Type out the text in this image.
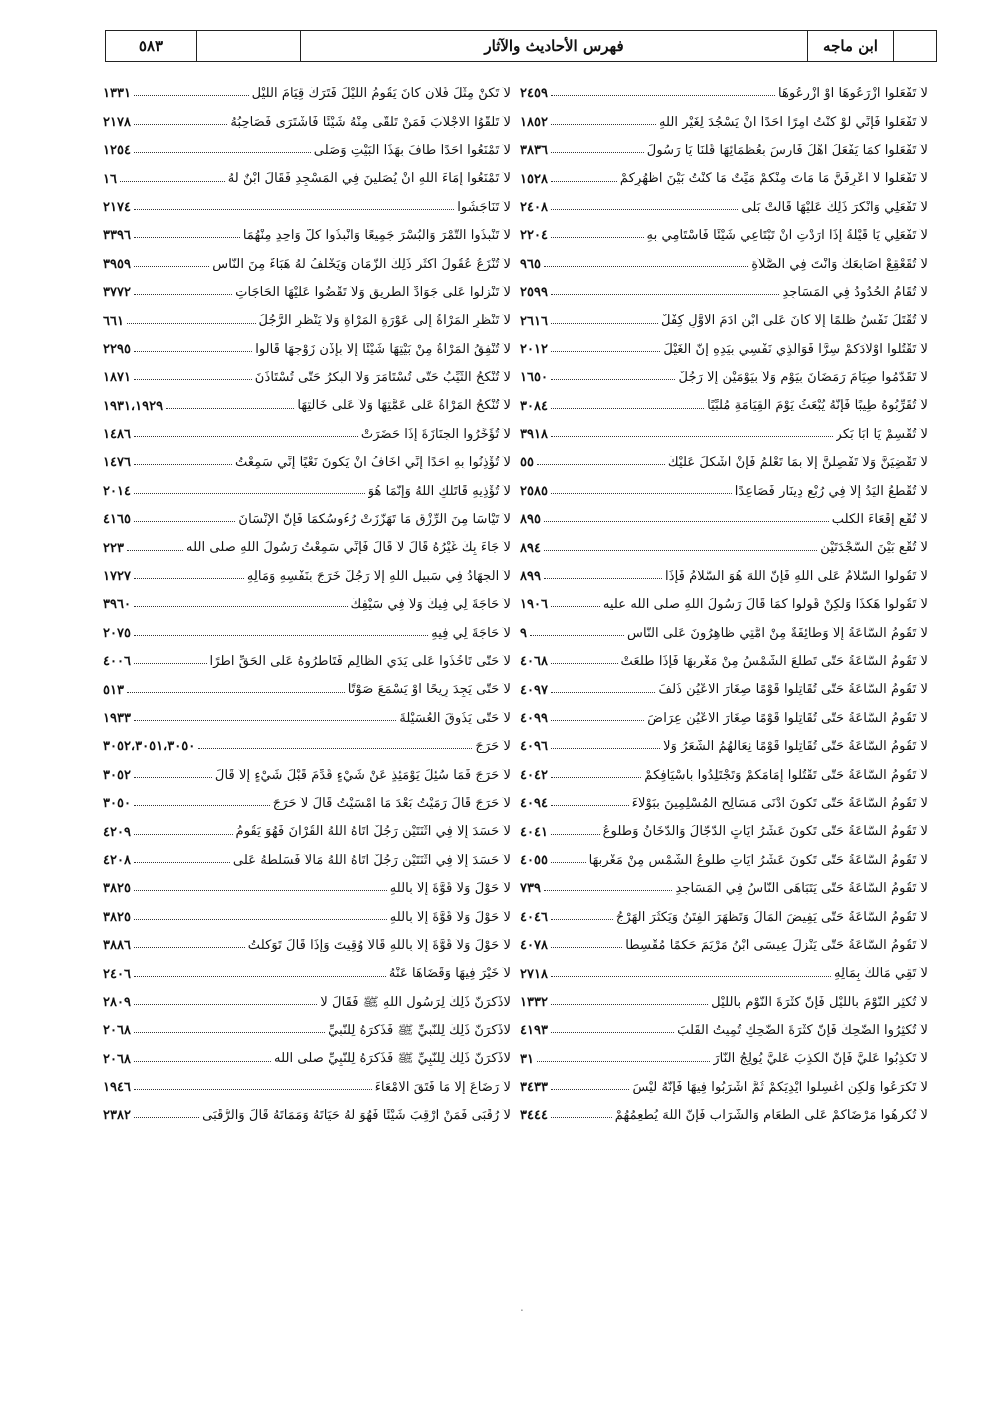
٥٨٣	فهرس الأحاديث والآثار	ابن ماجه
لاَ تَفْعَلُوا ازْرَعُوهَا أَوْ أَزْرِعُوهَا
٢٤٥٩
لاَ تَفْعَلُوا فَإِنِّي لَوْ كُنْتُ آمِرًا أَحَدًا أَنْ يَسْجُدَ لِغَيْرِ اللهِ
١٨٥٢
لاَ تَفْعَلُوا كَمَا يَفْعَلُ أَهْلُ فَارِسَ بِعُظَمَائِهَا قُلْنَا يَا رَسُولَ
٣٨٣٦
لاَ تَفْعَلُوا لاَ أَعْرِفَنَّ مَا مَاتَ مِنْكُمْ مَيِّتٌ مَا كُنْتُ بَيْنَ أَظْهُرِكُمْ
١٥٢٨
لاَ تَفْعَلِي وَأَنْكَرَ ذَلِكَ عَلَيْهَا قَالَتْ بَلَى
٢٤٠٨
لاَ تَفْعَلِي يَا قَيْلَةُ إِذَا أَرَدْتِ أَنْ تَبْتَاعِي شَيْئًا فَاسْتَامِي بِهِ
٢٢٠٤
لاَ تُقَعْقِعْ أَصَابِعَكَ وَأَنْتَ فِي الصَّلاَةِ
٩٦٥
لاَ تُقَامُ الْحُدُودُ فِي الْمَسَاجِدِ
٢٥٩٩
لاَ تُقْتَلُ نَفْسٌ ظُلْمًا إِلاَّ كَانَ عَلَى ابْنِ آدَمَ الأَوَّلِ كِفْلٌ
٢٦١٦
لاَ تَقْتُلُوا أَوْلاَدَكُمْ سِرًّا فَوَالَّذِي نَفْسِي بِيَدِهِ إِنَّ الْغَيْلَ
٢٠١٢
لاَ تَقَدَّمُوا صِيَامَ رَمَضَانَ بِيَوْمٍ وَلاَ بِيَوْمَيْنِ إِلاَّ رَجُلٌ
١٦٥٠
لاَ تُقَرِّبُوهُ طِيبًا فَإِنَّهُ يُبْعَثُ يَوْمَ الْقِيَامَةِ مُلَبِّيًا
٣٠٨٤
لاَ تُقْسِمْ يَا أَبَا بَكْرٍ
٣٩١٨
لاَ تَقْضِيَنَّ وَلاَ تَفْصِلَنَّ إِلاَّ بِمَا تَعْلَمُ فَإِنْ أَشْكَلَ عَلَيْكَ
٥٥
لاَ تُقْطَعُ الْيَدُ إِلاَّ فِي رُبْعِ دِينَارٍ فَصَاعِدًا
٢٥٨٥
لاَ تُقْعِ إِقْعَاءَ الْكَلْبِ
٨٩٥
لاَ تُقْعِ بَيْنَ السَّجْدَتَيْنِ
٨٩٤
لاَ تَقُولُوا السَّلاَمُ عَلَى اللهِ فَإِنَّ اللهَ هُوَ السَّلاَمُ فَإِذَا
٨٩٩
لاَ تَقُولُوا هَكَذَا وَلَكِنْ قُولُوا كَمَا قَالَ رَسُولُ اللهِ صلى الله عليه
١٩٠٦
لاَ تَقُومُ السَّاعَةُ إِلاَّ وَطَائِفَةٌ مِنْ أُمَّتِي ظَاهِرُونَ عَلَى النَّاسِ
٩
لاَ تَقُومُ السَّاعَةُ حَتَّى تَطْلُعَ الشَّمْسُ مِنْ مَغْرِبِهَا فَإِذَا طَلَعَتْ
٤٠٦٨
لاَ تَقُومُ السَّاعَةُ حَتَّى تُقَاتِلُوا قَوْمًا صِغَارَ الأَعْيُنِ ذُلْفَ
٤٠٩٧
لاَ تَقُومُ السَّاعَةُ حَتَّى تُقَاتِلُوا قَوْمًا صِغَارَ الأَعْيُنِ عِرَاضَ
٤٠٩٩
لاَ تَقُومُ السَّاعَةُ حَتَّى تُقَاتِلُوا قَوْمًا نِعَالُهُمُ الشَّعَرُ وَلاَ
٤٠٩٦
لاَ تَقُومُ السَّاعَةُ حَتَّى تَقْتُلُوا إِمَامَكُمْ وَتَجْتَلِدُوا بِأَسْيَافِكُمْ
٤٠٤٢
لاَ تَقُومُ السَّاعَةُ حَتَّى تَكُونَ أَدْنَى مَسَالِحِ الْمُسْلِمِينَ بِبَوْلاَءَ
٤٠٩٤
لاَ تَقُومُ السَّاعَةُ حَتَّى تَكُونَ عَشْرُ آيَاتٍ الدَّجَّالُ وَالدُّخَانُ وَطُلُوعُ
٤٠٤١
لاَ تَقُومُ السَّاعَةُ حَتَّى تَكُونَ عَشْرُ آيَاتٍ طُلُوعُ الشَّمْسِ مِنْ مَغْرِبِهَا
٤٠٥٥
لاَ تَقُومُ السَّاعَةُ حَتَّى يَتَبَاهَى النَّاسُ فِي الْمَسَاجِدِ
٧٣٩
لاَ تَقُومُ السَّاعَةُ حَتَّى يَفِيضَ الْمَالُ وَتَظْهَرَ الْفِتَنُ وَيَكْثُرَ الْهَرْجُ
٤٠٤٦
لاَ تَقُومُ السَّاعَةُ حَتَّى يَنْزِلَ عِيسَى ابْنُ مَرْيَمَ حَكَمًا مُقْسِطًا
٤٠٧٨
لاَ تَقِي مَالَكَ بِمَالِهِ
٢٧١٨
لاَ تُكْثِرِ النَّوْمَ بِاللَّيْلِ فَإِنَّ كَثْرَةَ النَّوْمِ بِاللَّيْلِ
١٣٣٢
لاَ تُكْثِرُوا الضَّحِكَ فَإِنَّ كَثْرَةَ الضَّحِكِ تُمِيتُ الْقَلْبَ
٤١٩٣
لاَ تَكْذِبُوا عَلَيَّ فَإِنَّ الْكَذِبَ عَلَيَّ يُولِجُ النَّارَ
٣١
لاَ تَكْرَعُوا وَلَكِنِ اغْسِلُوا أَيْدِيَكُمْ ثُمَّ اشْرَبُوا فِيهَا فَإِنَّهُ لَيْسَ
٣٤٣٣
لاَ تُكْرِهُوا مَرْضَاكُمْ عَلَى الطَّعَامِ وَالشَّرَابِ فَإِنَّ اللهَ يُطْعِمُهُمْ
٣٤٤٤
لاَ تَكُنْ مِثْلَ فُلاَنٍ كَانَ يَقُومُ اللَّيْلَ فَتَرَكَ قِيَامَ اللَّيْلِ
١٣٣١
لاَ تَلَقَّوُا الأَجْلاَبَ فَمَنْ تَلَقَّى مِنْهُ شَيْئًا فَاشْتَرَى فَصَاحِبُهُ
٢١٧٨
لاَ تَمْنَعُوا أَحَدًا طَافَ بِهَذَا الْبَيْتِ وَصَلَّى
١٢٥٤
لاَ تَمْنَعُوا إِمَاءَ اللهِ أَنْ يُصَلِّينَ فِي الْمَسْجِدِ فَقَالَ ابْنٌ لَهُ
١٦
لاَ تَنَاجَشُوا
٢١٧٤
لاَ تَنْبِذُوا التَّمْرَ وَالْبُسْرَ جَمِيعًا وَانْبِذُوا كُلَّ وَاحِدٍ مِنْهُمَا
٣٣٩٦
لاَ تُنْزَعُ عُقُولُ أَكْثَرِ ذَلِكَ الزَّمَانِ وَيَخْلُفُ لَهُ هَبَاءٌ مِنَ النَّاسِ
٣٩٥٩
لاَ تَنْزِلُوا عَلَى جَوَادِّ الطَّرِيقِ وَلاَ تَقْضُوا عَلَيْهَا الْحَاجَاتِ
٣٧٧٢
لاَ تَنْظُرِ الْمَرْأَةُ إِلَى عَوْرَةِ الْمَرْأَةِ وَلاَ يَنْظُرِ الرَّجُلُ
٦٦١
لاَ تُنْفِقُ الْمَرْأَةُ مِنْ بَيْتِهَا شَيْئًا إِلاَّ بِإِذْنِ زَوْجِهَا قَالُوا
٢٢٩٥
لاَ تُنْكَحُ الثَّيِّبُ حَتَّى تُسْتَأْمَرَ وَلاَ الْبِكْرُ حَتَّى تُسْتَأْذَنَ
١٨٧١
لاَ تُنْكَحُ الْمَرْأَةُ عَلَى عَمَّتِهَا وَلاَ عَلَى خَالَتِهَا
١٩٣١،١٩٢٩
لاَ تُؤَخِّرُوا الْجِنَازَةَ إِذَا حَضَرَتْ
١٤٨٦
لاَ تُؤْذِنُوا بِهِ أَحَدًا إِنِّي أَخَافُ أَنْ يَكُونَ نَعْيًا إِنِّي سَمِعْتُ
١٤٧٦
لاَ تُؤْذِيهِ قَاتَلَكِ اللهُ وَإِنَّمَا هُوَ
٢٠١٤
لاَ تَيْأَسَا مِنَ الرِّزْقِ مَا تَهَزَّزَتْ رُءُوسُكُمَا فَإِنَّ الإِنْسَانَ
٤١٦٥
لاَ جَاءَ بِكَ غَيْرُهُ قَالَ لاَ قَالَ فَإِنِّي سَمِعْتُ رَسُولَ اللهِ صلى الله
٢٢٣
لاَ الْجِهَادُ فِي سَبِيلِ اللهِ إِلاَّ رَجُلٌ خَرَجَ بِنَفْسِهِ وَمَالِهِ
١٧٢٧
لاَ حَاجَةَ لِي فِيكَ وَلاَ فِي سَيْفِكَ
٣٩٦٠
لاَ حَاجَةَ لِي فِيهِ
٢٠٧٥
لاَ حَتَّى تَأْخُذُوا عَلَى يَدَيِ الظَّالِمِ فَتَأْطُرُوهُ عَلَى الْحَقِّ أَطْرًا
٤٠٠٦
لاَ حَتَّى يَجِدَ رِيحًا أَوْ يَسْمَعَ صَوْتًا
٥١٣
لاَ حَتَّى يَذُوقَ الْعُسَيْلَةَ
١٩٣٣
لاَ حَرَجَ
٣٠٥٢،٣٠٥١،٣٠٥٠
لاَ حَرَجَ فَمَا سُئِلَ يَوْمَئِذٍ عَنْ شَيْءٍ قُدِّمَ قَبْلَ شَيْءٍ إِلاَّ قَالَ
٣٠٥٢
لاَ حَرَجَ قَالَ رَمَيْتُ بَعْدَ مَا أَمْسَيْتُ قَالَ لاَ حَرَجَ
٣٠٥٠
لاَ حَسَدَ إِلاَّ فِي اثْنَتَيْنِ رَجُلٌ آتَاهُ اللهُ الْقُرْآنَ فَهُوَ يَقُومُ
٤٢٠٩
لاَ حَسَدَ إِلاَّ فِي اثْنَتَيْنِ رَجُلٌ آتَاهُ اللهُ مَالاً فَسَلَّطَهُ عَلَى
٤٢٠٨
لاَ حَوْلَ وَلاَ قُوَّةَ إِلاَّ بِاللهِ
٣٨٢٥
لاَ حَوْلَ وَلاَ قُوَّةَ إِلاَّ بِاللهِ
٣٨٢٥
لاَ حَوْلَ وَلاَ قُوَّةَ إِلاَّ بِاللهِ قَالاَ وُقِيتَ وَإِذَا قَالَ تَوَكَّلْتُ
٣٨٨٦
لاَ خَيْرَ فِيهَا وَقَضَاهَا عَنْهُ
٢٤٠٦
لأَذْكُرَنَّ ذَلِكَ لِرَسُولِ اللهِ ﷺ فَقَالَ لاَ
٢٨٠٩
لأَذْكُرَنَّ ذَلِكَ لِلنَّبِيِّ ﷺ فَذَكَرَهُ لِلنَّبِيِّ
٢٠٦٨
لأَذْكُرَنَّ ذَلِكَ لِلنَّبِيِّ ﷺ فَذَكَرَهُ لِلنَّبِيِّ صلى الله
٢٠٦٨
لاَ رَضَاعَ إِلاَّ مَا فَتَقَ الأَمْعَاءَ
١٩٤٦
لاَ رُقْبَى فَمَنْ أُرْقِبَ شَيْئًا فَهُوَ لَهُ حَيَاتَهُ وَمَمَاتَهُ قَالَ وَالرُّقْبَى
٢٣٨٢
.
